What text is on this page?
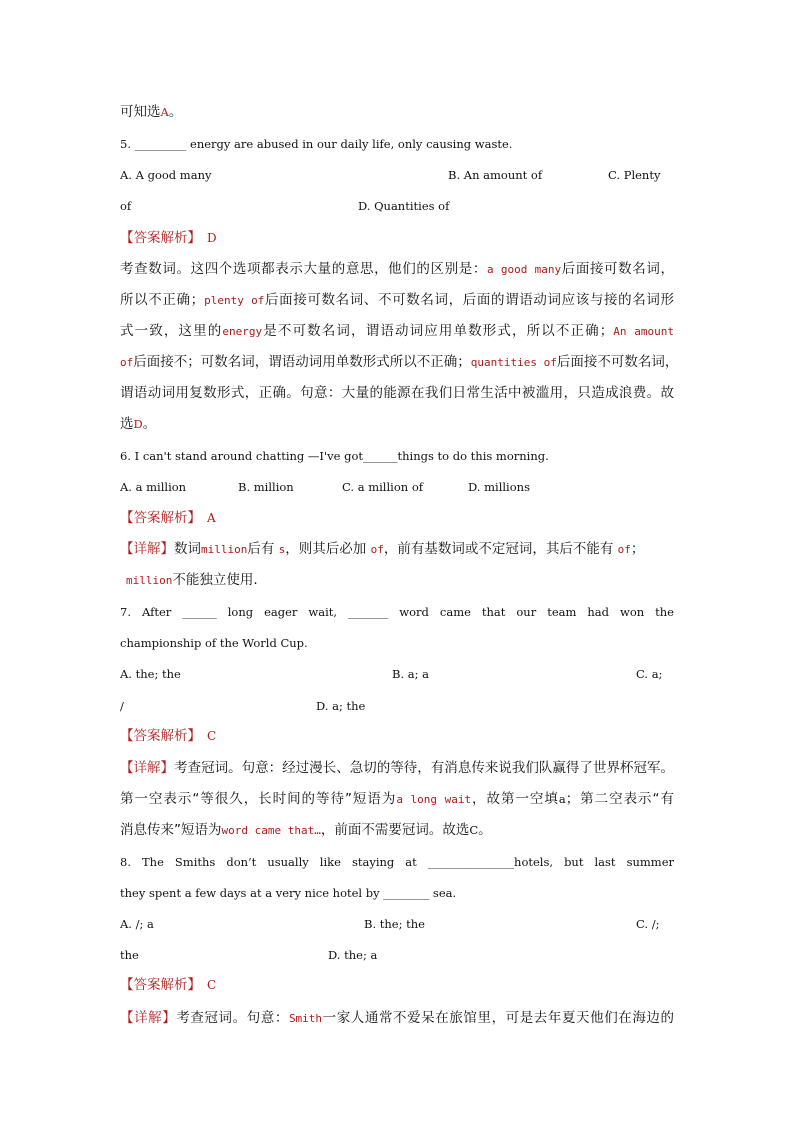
可知选A。

5. _________ energy are abused in our daily life, only causing waste.

A. A good many	B. An amount of	C. Plenty
of	D. Quantities of

【答案解析】 D

考查数词。这四个选项都表示大量的意思，他们的区别是：a good many后面接可数名词，

所以不正确；plenty of后面接可数名词、不可数名词，后面的谓语动词应该与接的名词形

式一致，这里的energy是不可数名词，谓语动词应用单数形式，所以不正确；An amount

of后面接不；可数名词，谓语动词用单数形式所以不正确；quantities of后面接不可数名词，

谓语动词用复数形式，正确。句意：大量的能源在我们日常生活中被滥用，只造成浪费。故

选D。

6. I can't stand around chatting —I've got______things to do this morning.

A. a million	B. million	C. a million of	D. millions

【答案解析】 A

【详解】数词million后有 s，则其后必加 of，前有基数词或不定冠词，其后不能有 of；

million不能独立使用.

7. After ______ long eager wait, _______ word came that our team had won the

championship of the World Cup.

A. the; the	B. a; a	C. a;
/	D. a; the

【答案解析】 C

【详解】考查冠词。句意：经过漫长、急切的等待，有消息传来说我们队赢得了世界杯冠军。

第一空表示“等很久，长时间的等待”短语为a long wait，故第一空填a；第二空表示“有

消息传来”短语为word came that…，前面不需要冠词。故选C。

8. The Smiths don’t usually like staying at _______________hotels, but last summer

they spent a few days at a very nice hotel by ________ sea.

A. /; a	B. the; the	C. /;
the	D. the; a

【答案解析】 C

【详解】考查冠词。句意：Smith一家人通常不爱呆在旅馆里，可是去年夏天他们在海边的
